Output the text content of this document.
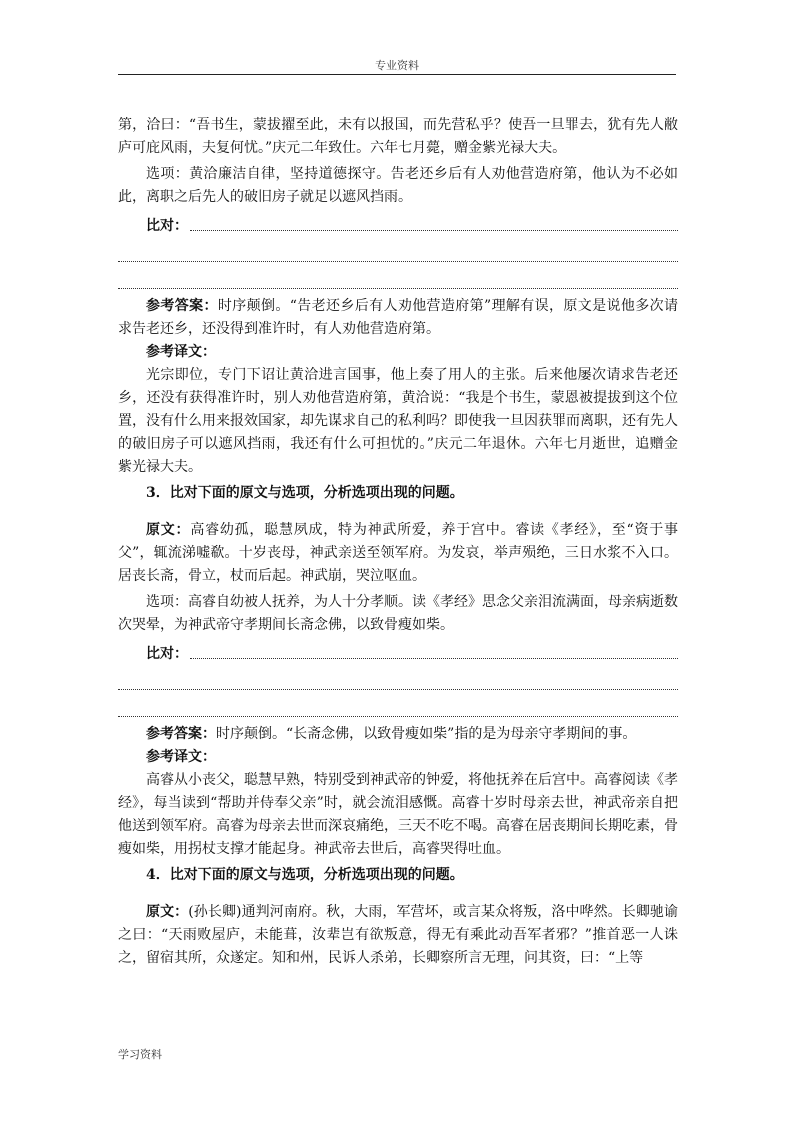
专业资料

第，洽曰：“吾书生，蒙拔擢至此，未有以报国，而先营私乎？使吾一旦罪去，犹有先人敝庐可庇风雨，夫复何忧。”庆元二年致仕。六年七月薨，赠金紫光禄大夫。

选项：黄洽廉洁自律，坚持道德探守。告老还乡后有人劝他营造府第，他认为不必如此，离职之后先人的破旧房子就足以遮风挡雨。

比对：

参考答案：时序颠倒。“告老还乡后有人劝他营造府第”理解有误，原文是说他多次请求告老还乡，还没得到准许时，有人劝他营造府第。

参考译文：

光宗即位，专门下诏让黄洽进言国事，他上奏了用人的主张。后来他屡次请求告老还乡，还没有获得准许时，别人劝他营造府第，黄洽说：“我是个书生，蒙恩被提拔到这个位置，没有什么用来报效国家，却先谋求自己的私利吗？即使我一旦因获罪而离职，还有先人的破旧房子可以遮风挡雨，我还有什么可担忧的。”庆元二年退休。六年七月逝世，追赠金紫光禄大夫。

3．比对下面的原文与选项，分析选项出现的问题。

原文：高睿幼孤，聪慧夙成，特为神武所爱，养于宫中。睿读《孝经》，至“资于事父”，辄流涕嘘欷。十岁丧母，神武亲送至领军府。为发哀，举声殒绝，三日水浆不入口。居丧长斋，骨立，杖而后起。神武崩，哭泣呕血。

选项：高睿自幼被人抚养，为人十分孝顺。读《孝经》思念父亲泪流满面，母亲病逝数次哭晕，为神武帝守孝期间长斋念佛，以致骨瘦如柴。

比对：

参考答案：时序颠倒。“长斋念佛，以致骨瘦如柴”指的是为母亲守孝期间的事。

参考译文：

高睿从小丧父，聪慧早熟，特别受到神武帝的钟爱，将他抚养在后宫中。高睿阅读《孝经》，每当读到“帮助并侍奉父亲”时，就会流泪感慨。高睿十岁时母亲去世，神武帝亲自把他送到领军府。高睿为母亲去世而深哀痛绝，三天不吃不喝。高睿在居丧期间长期吃素，骨瘦如柴，用拐杖支撑才能起身。神武帝去世后，高睿哭得吐血。

4．比对下面的原文与选项，分析选项出现的问题。

原文：(孙长卿)通判河南府。秋，大雨，军营坏，或言某众将叛，洛中哗然。长卿驰谕之曰：“天雨败屋庐，未能葺，汝辈岂有欲叛意，得无有乘此动吾军者邪？”推首恶一人诛之，留宿其所，众遂定。知和州，民诉人杀弟，长卿察所言无理，问其资，曰：“上等

学习资料
